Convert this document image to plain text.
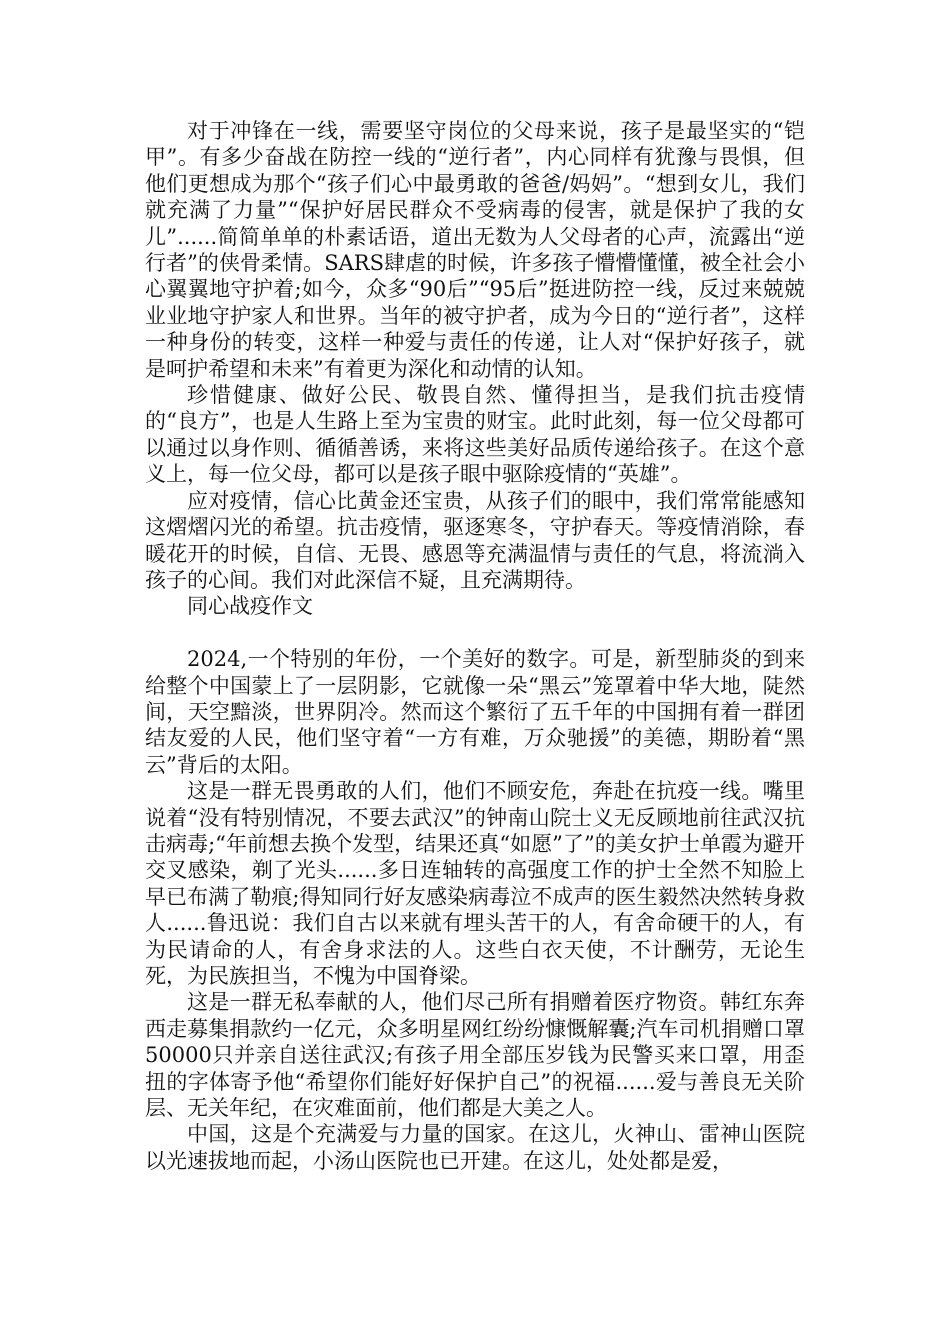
对于冲锋在一线，需要坚守岗位的父母来说，孩子是最坚实的“铠甲”。有多少奋战在防控一线的“逆行者”，内心同样有犹豫与畏惧，但他们更想成为那个“孩子们心中最勇敢的爸爸/妈妈”。“想到女儿，我们就充满了力量”“保护好居民群众不受病毒的侵害，就是保护了我的女儿”......简简单单的朴素话语，道出无数为人父母者的心声，流露出“逆行者”的侠骨柔情。SARS肆虐的时候，许多孩子懵懵懂懂，被全社会小心翼翼地守护着;如今，众多“90后”“95后”挺进防控一线，反过来兢兢业业地守护家人和世界。当年的被守护者，成为今日的“逆行者”，这样一种身份的转变，这样一种爱与责任的传递，让人对“保护好孩子，就是呵护希望和未来”有着更为深化和动情的认知。

珍惜健康、做好公民、敬畏自然、懂得担当，是我们抗击疫情的“良方”，也是人生路上至为宝贵的财宝。此时此刻，每一位父母都可以通过以身作则、循循善诱，来将这些美好品质传递给孩子。在这个意义上，每一位父母，都可以是孩子眼中驱除疫情的“英雄”。

应对疫情，信心比黄金还宝贵，从孩子们的眼中，我们常常能感知这熠熠闪光的希望。抗击疫情，驱逐寒冬，守护春天。等疫情消除，春暖花开的时候，自信、无畏、感恩等充满温情与责任的气息，将流淌入孩子的心间。我们对此深信不疑，且充满期待。

同心战疫作文

2024,一个特别的年份，一个美好的数字。可是，新型肺炎的到来给整个中国蒙上了一层阴影，它就像一朵“黑云”笼罩着中华大地，陡然间，天空黯淡，世界阴冷。然而这个繁衍了五千年的中国拥有着一群团结友爱的人民，他们坚守着“一方有难，万众驰援”的美德，期盼着“黑云”背后的太阳。

这是一群无畏勇敢的人们，他们不顾安危，奔赴在抗疫一线。嘴里说着“没有特别情况，不要去武汉”的钟南山院士义无反顾地前往武汉抗击病毒;“年前想去换个发型，结果还真“如愿”了”的美女护士单霞为避开交叉感染，剃了光头......多日连轴转的高强度工作的护士全然不知脸上早已布满了勒痕;得知同行好友感染病毒泣不成声的医生毅然决然转身救人......鲁迅说：我们自古以来就有埋头苦干的人，有舍命硬干的人，有为民请命的人，有舍身求法的人。这些白衣天使，不计酬劳，无论生死，为民族担当，不愧为中国脊梁。

这是一群无私奉献的人，他们尽己所有捐赠着医疗物资。韩红东奔西走募集捐款约一亿元，众多明星网红纷纷慷慨解囊;汽车司机捐赠口罩50000只并亲自送往武汉;有孩子用全部压岁钱为民警买来口罩，用歪扭的字体寄予他“希望你们能好好保护自己”的祝福......爱与善良无关阶层、无关年纪，在灾难面前，他们都是大美之人。

中国，这是个充满爱与力量的国家。在这儿，火神山、雷神山医院以光速拔地而起，小汤山医院也已开建。在这儿，处处都是爱，
